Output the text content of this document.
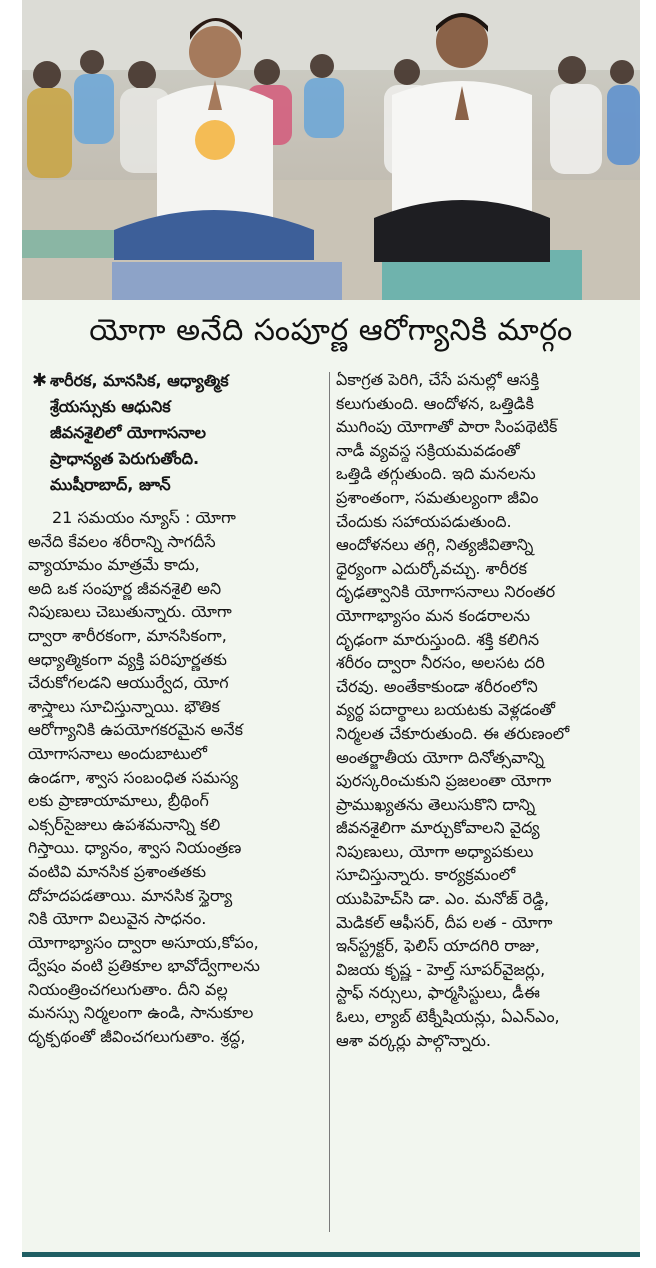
యోగా అనేది సంపూర్ణ ఆరోగ్యానికి మార్గం
✱ శారీరక, మానసిక, ఆధ్యాత్మిక
శ్రేయస్సుకు ఆధునిక
జీవనశైలిలో యోగాసనాల
ప్రాధాన్యత పెరుగుతోంది.
ముషీరాబాద్, జూన్
21 సమయం న్యూస్ : యోగా
అనేది కేవలం శరీరాన్ని సాగదీసే
వ్యాయామం మాత్రమే కాదు,
అది ఒక సంపూర్ణ జీవనశైలి అని
నిపుణులు చెబుతున్నారు. యోగా
ద్వారా శారీరకంగా, మానసికంగా,
ఆధ్యాత్మికంగా వ్యక్తి పరిపూర్ణతకు
చేరుకోగలడని ఆయుర్వేద, యోగ
శాస్త్రాలు సూచిస్తున్నాయి. భౌతిక
ఆరోగ్యానికి ఉపయోగకరమైన అనేక
యోగాసనాలు అందుబాటులో
ఉండగా, శ్వాస సంబంధిత సమస్య
లకు ప్రాణాయామాలు, బ్రీథింగ్
ఎక్సర్‌సైజులు ఉపశమనాన్ని కలి
గిస్తాయి. ధ్యానం, శ్వాస నియంత్రణ
వంటివి మానసిక ప్రశాంతతకు
దోహదపడతాయి. మానసిక స్థైర్యా
నికి యోగా విలువైన సాధనం.
యోగాభ్యాసం ద్వారా అసూయ,కోపం,
ద్వేషం వంటి ప్రతికూల భావోద్వేగాలను
నియంత్రించగలుగుతాం. దీని వల్ల
మనస్సు నిర్మలంగా ఉండి, సానుకూల
దృక్పథంతో జీవించగలుగుతాం. శ్రద్ధ,
ఏకాగ్రత పెరిగి, చేసే పనుల్లో ఆసక్తి
కలుగుతుంది. ఆందోళన, ఒత్తిడికి
ముగింపు యోగాతో పారా సింపథెటిక్
నాడీ వ్యవస్థ సక్రియమవడంతో
ఒత్తిడి తగ్గుతుంది. ఇది మనలను
ప్రశాంతంగా, సమతుల్యంగా జీవిం
చేందుకు సహాయపడుతుంది.
ఆందోళనలు తగ్గి, నిత్యజీవితాన్ని
ధైర్యంగా ఎదుర్కోవచ్చు. శారీరక
దృఢత్వానికి యోగాసనాలు నిరంతర
యోగాభ్యాసం మన కండరాలను
దృఢంగా మారుస్తుంది. శక్తి కలిగిన
శరీరం ద్వారా నీరసం, అలసట దరి
చేరవు. అంతేకాకుండా శరీరంలోని
వ్యర్థ పదార్థాలు బయటకు వెళ్లడంతో
నిర్మలత చేకూరుతుంది. ఈ తరుణంలో
అంతర్జాతీయ యోగా దినోత్సవాన్ని
పురస్కరించుకుని ప్రజలంతా యోగా
ప్రాముఖ్యతను తెలుసుకొని దాన్ని
జీవనశైలిగా మార్చుకోవాలని వైద్య
నిపుణులు, యోగా అధ్యాపకులు
సూచిస్తున్నారు. కార్యక్రమంలో
యుపిహెచ్‌సి డా. ఎం. మనోజ్ రెడ్డి,
మెడికల్ ఆఫీసర్, దీప లత - యోగా
ఇన్‌స్ట్రక్టర్, ఫెలిస్ యాదగిరి రాజు,
విజయ కృష్ణ - హెల్త్ సూపర్‌వైజర్లు,
స్టాఫ్ నర్సులు, ఫార్మసిస్టులు, డీఈ
ఓలు, ల్యాబ్ టెక్నీషియన్లు, ఏఎన్ఎం,
ఆశా వర్కర్లు పాల్గొన్నారు.
